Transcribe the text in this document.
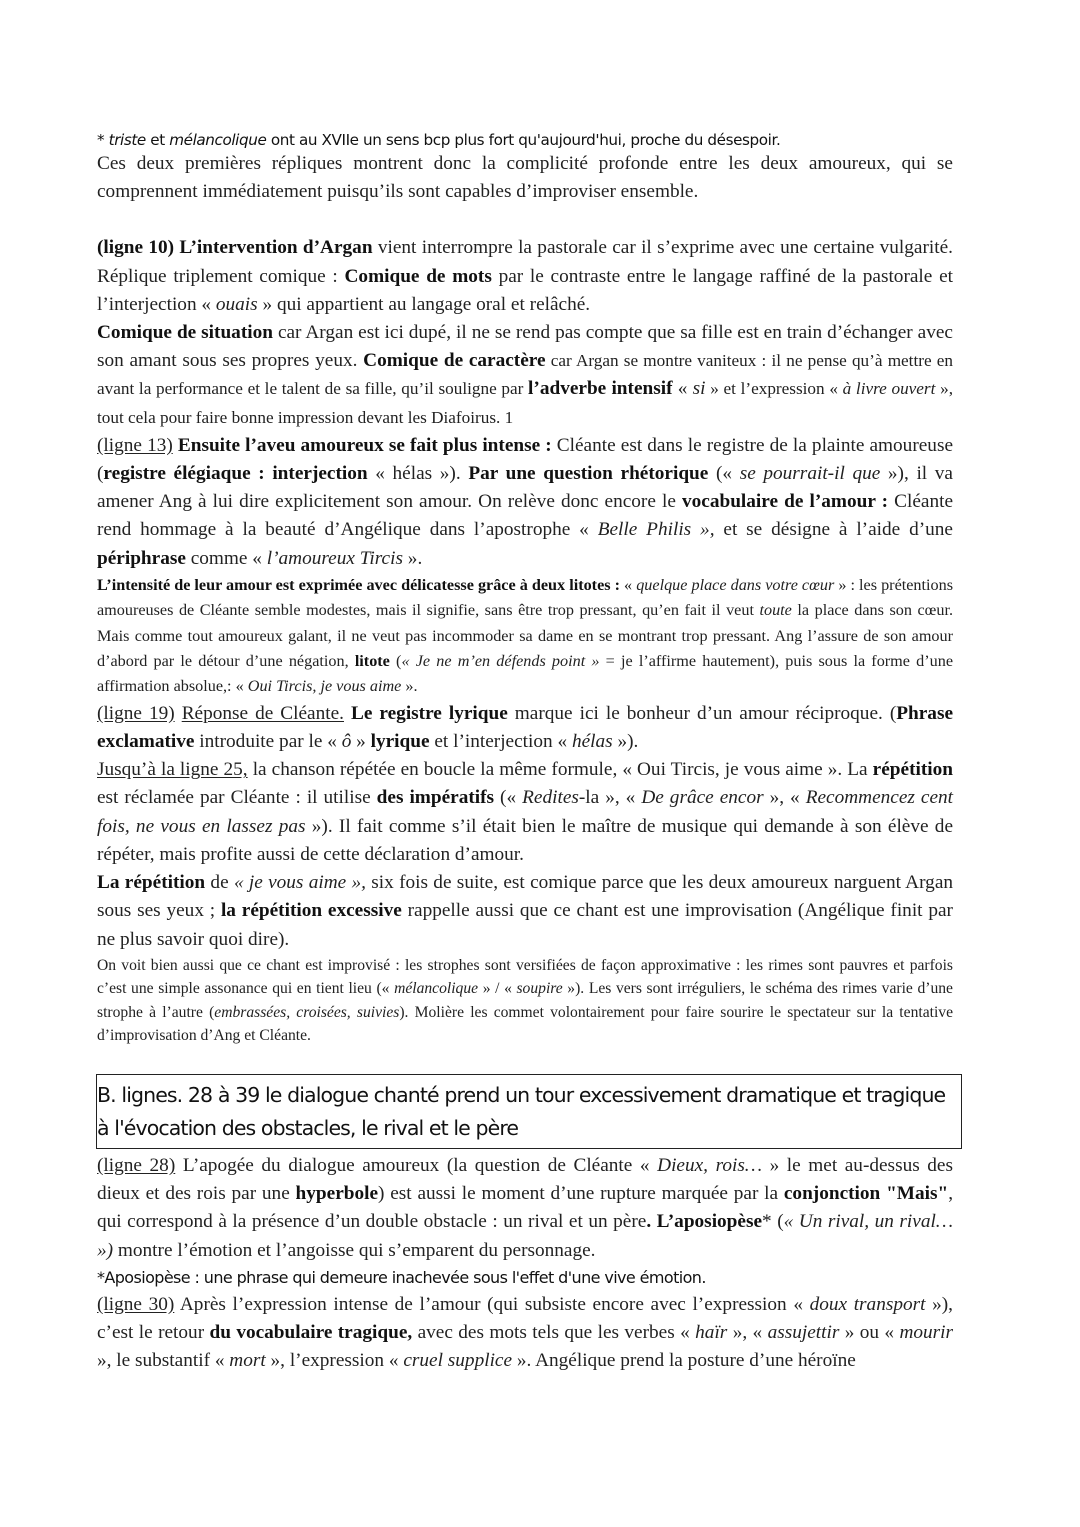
* triste et mélancolique ont au XVIIe un sens bcp plus fort qu'aujourd'hui, proche du désespoir.

Ces deux premières répliques montrent donc la complicité profonde entre les deux amoureux, qui se comprennent immédiatement puisqu’ils sont capables d’improviser ensemble.

(ligne 10) L’intervention d’Argan vient interrompre la pastorale car il s’exprime avec une certaine vulgarité. Réplique triplement comique : Comique de mots par le contraste entre le langage raffiné de la pastorale et l’interjection « ouais » qui appartient au langage oral et relâché.

Comique de situation car Argan est ici dupé, il ne se rend pas compte que sa fille est en train d’échanger avec son amant sous ses propres yeux. Comique de caractère car Argan se montre vaniteux : il ne pense qu’à mettre en avant la performance et le talent de sa fille, qu’il souligne par l’adverbe intensif « si » et l’expression « à livre ouvert », tout cela pour faire bonne impression devant les Diafoirus. 1

(ligne 13) Ensuite l’aveu amoureux se fait plus intense : Cléante est dans le registre de la plainte amoureuse (registre élégiaque : interjection « hélas »). Par une question rhétorique (« se pourrait-il que »), il va amener Ang à lui dire explicitement son amour. On relève donc encore le vocabulaire de l’amour : Cléante rend hommage à la beauté d’Angélique dans l’apostrophe « Belle Philis », et se désigne à l’aide d’une périphrase comme « l’amoureux Tircis ».

L’intensité de leur amour est exprimée avec délicatesse grâce à deux litotes : « quelque place dans votre cœur » : les prétentions amoureuses de Cléante semble modestes, mais il signifie, sans être trop pressant, qu’en fait il veut toute la place dans son cœur. Mais comme tout amoureux galant, il ne veut pas incommoder sa dame en se montrant trop pressant. Ang l’assure de son amour d’abord par le détour d’une négation, litote (« Je ne m’en défends point » = je l’affirme hautement), puis sous la forme d’une affirmation absolue,: « Oui Tircis, je vous aime ».

(ligne 19) Réponse de Cléante. Le registre lyrique marque ici le bonheur d’un amour réciproque. (Phrase exclamative introduite par le « ô » lyrique et l’interjection « hélas »).

Jusqu’à la ligne 25, la chanson répétée en boucle la même formule, « Oui Tircis, je vous aime ». La répétition est réclamée par Cléante : il utilise des impératifs (« Redites-la », « De grâce encor », « Recommencez cent fois, ne vous en lassez pas »). Il fait comme s’il était bien le maître de musique qui demande à son élève de répéter, mais profite aussi de cette déclaration d’amour.

La répétition de « je vous aime », six fois de suite, est comique parce que les deux amoureux narguent Argan sous ses yeux ; la répétition excessive rappelle aussi que ce chant est une improvisation (Angélique finit par ne plus savoir quoi dire).

On voit bien aussi que ce chant est improvisé : les strophes sont versifiées de façon approximative : les rimes sont pauvres et parfois c’est une simple assonance qui en tient lieu (« mélancolique » / « soupire »). Les vers sont irréguliers, le schéma des rimes varie d’une strophe à l’autre (embrassées, croisées, suivies). Molière les commet volontairement pour faire sourire le spectateur sur la tentative d’improvisation d’Ang et Cléante.

B. lignes. 28 à 39 le dialogue chanté prend un tour excessivement dramatique et tragique à l'évocation des obstacles, le rival et le père

(ligne 28) L’apogée du dialogue amoureux (la question de Cléante « Dieux, rois… » le met au-dessus des dieux et des rois par une hyperbole) est aussi le moment d’une rupture marquée par la conjonction "Mais", qui correspond à la présence d’un double obstacle : un rival et un père. L’aposiopèse* (« Un rival, un rival… ») montre l’émotion et l’angoisse qui s’emparent du personnage.

*Aposiopèse : une phrase qui demeure inachevée sous l'effet d'une vive émotion.

(ligne 30) Après l’expression intense de l’amour (qui subsiste encore avec l’expression « doux transport »), c’est le retour du vocabulaire tragique, avec des mots tels que les verbes « haïr », « assujettir » ou « mourir », le substantif « mort », l’expression « cruel supplice ». Angélique prend la posture d’une héroïne
